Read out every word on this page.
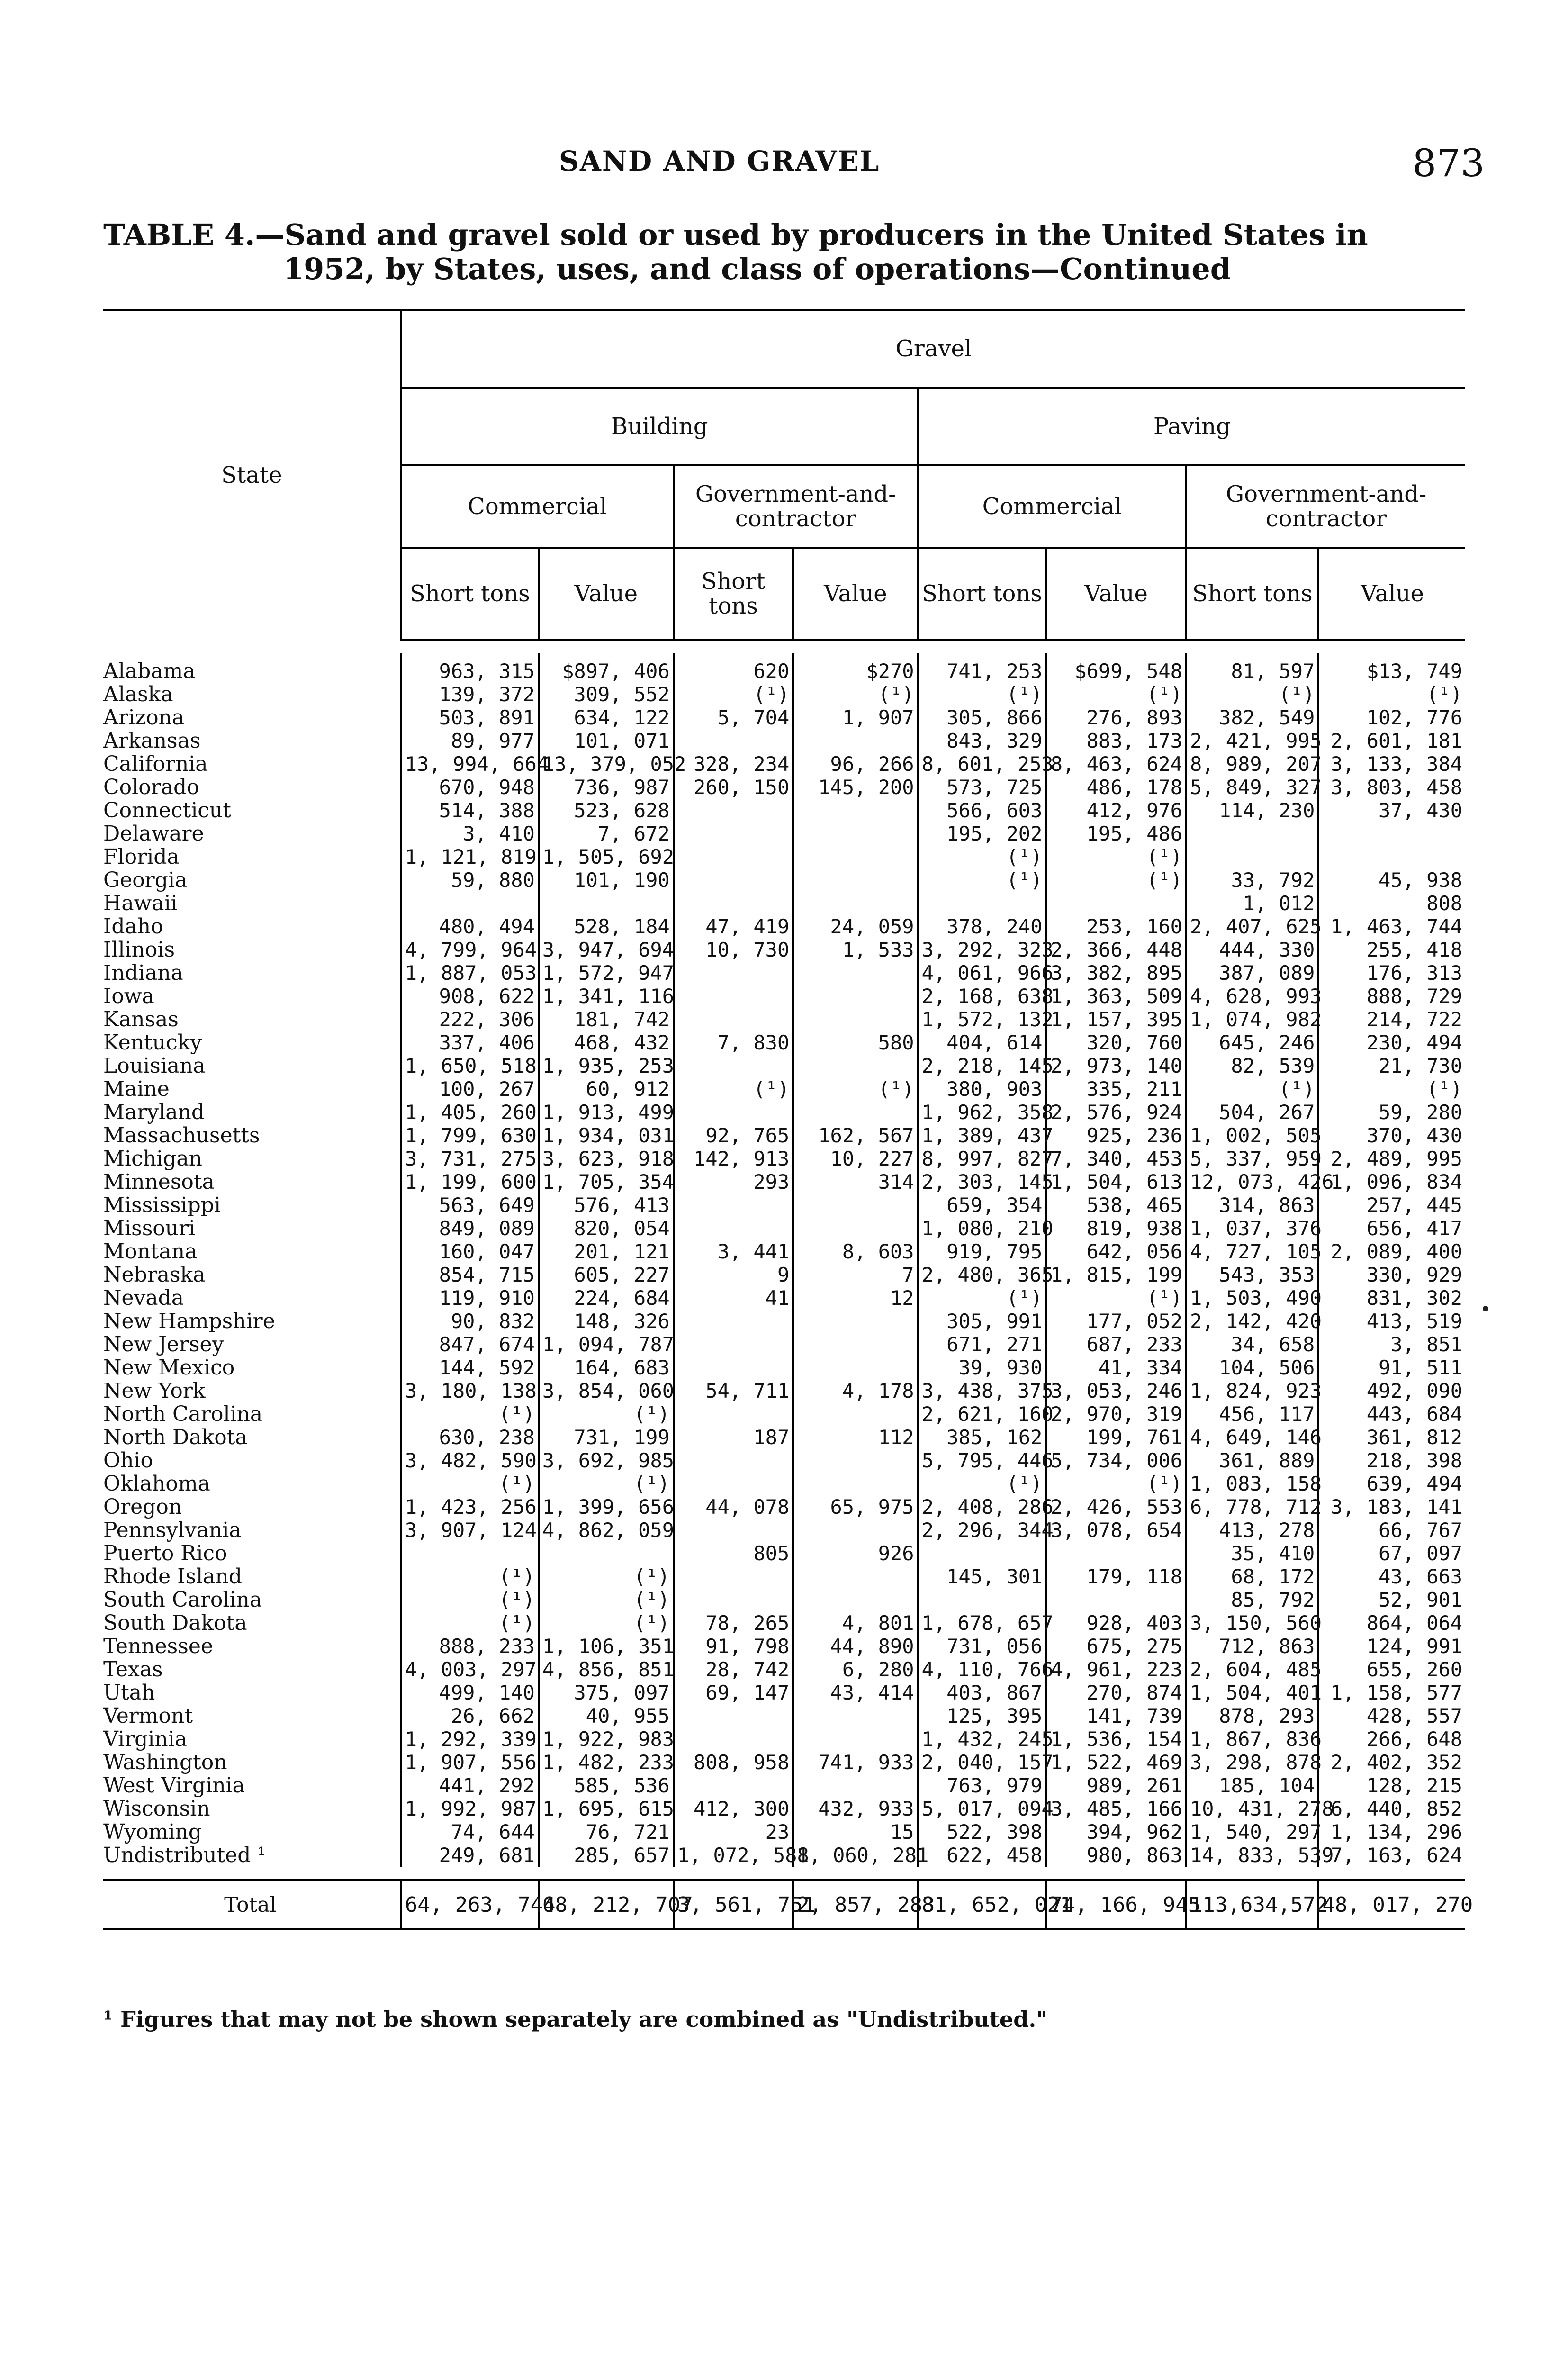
SAND AND GRAVEL	873
TABLE 4.—Sand and gravel sold or used by producers in the United States in
1952, by States, uses, and class of operations—Continued
State	Gravel							
	Building				Paving			
	Commercial		Government-and-contractor		Commercial		Government-and-contractor	
	Short tons	Value	Short tons	Value	Short tons	Value	Short tons	Value

Alabama	963, 315	$897, 406	620	$270	741, 253	$699, 548	81, 597	$13, 749
Alaska	139, 372	309, 552	(¹)	(¹)	(¹)	(¹)	(¹)	(¹)
Arizona	503, 891	634, 122	5, 704	1, 907	305, 866	276, 893	382, 549	102, 776
Arkansas	89, 977	101, 071			843, 329	883, 173	2, 421, 995	2, 601, 181
California	13, 994, 664	13, 379, 052	328, 234	96, 266	8, 601, 253	8, 463, 624	8, 989, 207	3, 133, 384
Colorado	670, 948	736, 987	260, 150	145, 200	573, 725	486, 178	5, 849, 327	3, 803, 458
Connecticut	514, 388	523, 628			566, 603	412, 976	114, 230	37, 430
Delaware	3, 410	7, 672			195, 202	195, 486		
Florida	1, 121, 819	1, 505, 692			(¹)	(¹)		
Georgia	59, 880	101, 190			(¹)	(¹)	33, 792	45, 938
Hawaii							1, 012	808
Idaho	480, 494	528, 184	47, 419	24, 059	378, 240	253, 160	2, 407, 625	1, 463, 744
Illinois	4, 799, 964	3, 947, 694	10, 730	1, 533	3, 292, 323	2, 366, 448	444, 330	255, 418
Indiana	1, 887, 053	1, 572, 947			4, 061, 966	3, 382, 895	387, 089	176, 313
Iowa	908, 622	1, 341, 116			2, 168, 638	1, 363, 509	4, 628, 993	888, 729
Kansas	222, 306	181, 742			1, 572, 132	1, 157, 395	1, 074, 982	214, 722
Kentucky	337, 406	468, 432	7, 830	580	404, 614	320, 760	645, 246	230, 494
Louisiana	1, 650, 518	1, 935, 253			2, 218, 145	2, 973, 140	82, 539	21, 730
Maine	100, 267	60, 912	(¹)	(¹)	380, 903	335, 211	(¹)	(¹)
Maryland	1, 405, 260	1, 913, 499			1, 962, 358	2, 576, 924	504, 267	59, 280
Massachusetts	1, 799, 630	1, 934, 031	92, 765	162, 567	1, 389, 437	925, 236	1, 002, 505	370, 430
Michigan	3, 731, 275	3, 623, 918	142, 913	10, 227	8, 997, 827	7, 340, 453	5, 337, 959	2, 489, 995
Minnesota	1, 199, 600	1, 705, 354	293	314	2, 303, 145	1, 504, 613	12, 073, 426	1, 096, 834
Mississippi	563, 649	576, 413			659, 354	538, 465	314, 863	257, 445
Missouri	849, 089	820, 054			1, 080, 210	819, 938	1, 037, 376	656, 417
Montana	160, 047	201, 121	3, 441	8, 603	919, 795	642, 056	4, 727, 105	2, 089, 400
Nebraska	854, 715	605, 227	9	7	2, 480, 365	1, 815, 199	543, 353	330, 929
Nevada	119, 910	224, 684	41	12	(¹)	(¹)	1, 503, 490	831, 302
New Hampshire	90, 832	148, 326			305, 991	177, 052	2, 142, 420	413, 519
New Jersey	847, 674	1, 094, 787			671, 271	687, 233	34, 658	3, 851
New Mexico	144, 592	164, 683			39, 930	41, 334	104, 506	91, 511
New York	3, 180, 138	3, 854, 060	54, 711	4, 178	3, 438, 375	3, 053, 246	1, 824, 923	492, 090
North Carolina	(¹)	(¹)			2, 621, 160	2, 970, 319	456, 117	443, 684
North Dakota	630, 238	731, 199	187	112	385, 162	199, 761	4, 649, 146	361, 812
Ohio	3, 482, 590	3, 692, 985			5, 795, 446	5, 734, 006	361, 889	218, 398
Oklahoma	(¹)	(¹)			(¹)	(¹)	1, 083, 158	639, 494
Oregon	1, 423, 256	1, 399, 656	44, 078	65, 975	2, 408, 286	2, 426, 553	6, 778, 712	3, 183, 141
Pennsylvania	3, 907, 124	4, 862, 059			2, 296, 344	3, 078, 654	413, 278	66, 767
Puerto Rico			805	926			35, 410	67, 097
Rhode Island	(¹)	(¹)			145, 301	179, 118	68, 172	43, 663
South Carolina	(¹)	(¹)					85, 792	52, 901
South Dakota	(¹)	(¹)	78, 265	4, 801	1, 678, 657	928, 403	3, 150, 560	864, 064
Tennessee	888, 233	1, 106, 351	91, 798	44, 890	731, 056	675, 275	712, 863	124, 991
Texas	4, 003, 297	4, 856, 851	28, 742	6, 280	4, 110, 766	4, 961, 223	2, 604, 485	655, 260
Utah	499, 140	375, 097	69, 147	43, 414	403, 867	270, 874	1, 504, 401	1, 158, 577
Vermont	26, 662	40, 955			125, 395	141, 739	878, 293	428, 557
Virginia	1, 292, 339	1, 922, 983			1, 432, 245	1, 536, 154	1, 867, 836	266, 648
Washington	1, 907, 556	1, 482, 233	808, 958	741, 933	2, 040, 157	1, 522, 469	3, 298, 878	2, 402, 352
West Virginia	441, 292	585, 536			763, 979	989, 261	185, 104	128, 215
Wisconsin	1, 992, 987	1, 695, 615	412, 300	432, 933	5, 017, 094	3, 485, 166	10, 431, 278	6, 440, 852
Wyoming	74, 644	76, 721	23	15	522, 398	394, 962	1, 540, 297	1, 134, 296
Undistributed ¹	249, 681	285, 657	1, 072, 588	1, 060, 281	622, 458	980, 863	14, 833, 539	7, 163, 624

Total	64, 263, 744	68, 212, 707	3, 561, 751	2, 857, 283	81, 652, 021	74, 166, 945	113,634,572	48, 017, 270
¹ Figures that may not be shown separately are combined as "Undistributed."
